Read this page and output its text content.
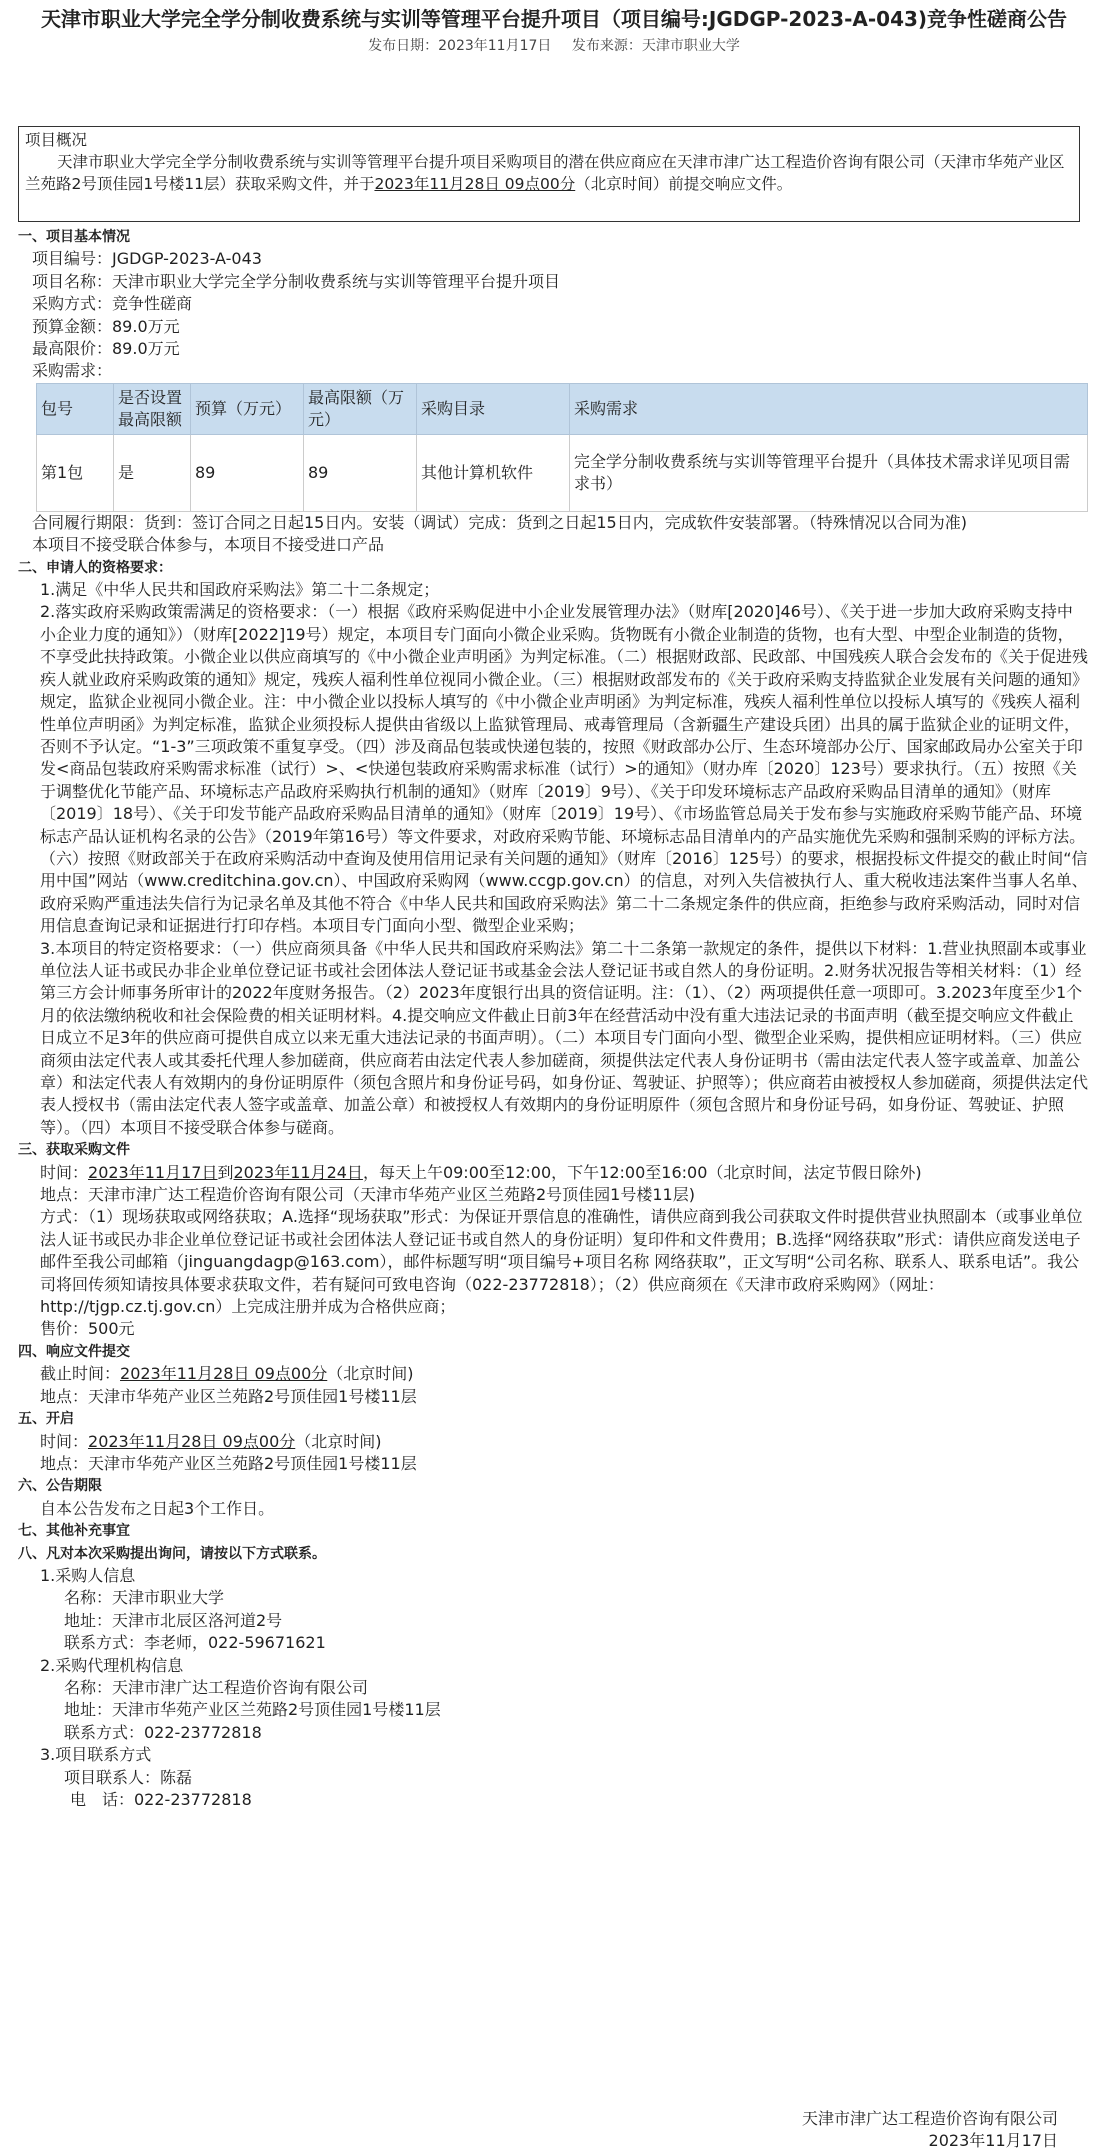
天津市职业大学完全学分制收费系统与实训等管理平台提升项目（项目编号:JGDGP-2023-A-043)竞争性磋商公告
发布日期：2023年11月17日 发布来源：天津市职业大学
项目概况
天津市职业大学完全学分制收费系统与实训等管理平台提升项目采购项目的潜在供应商应在天津市津广达工程造价咨询有限公司（天津市华苑产业区兰苑路2号顶佳园1号楼11层）获取采购文件，并于2023年11月28日 09点00分（北京时间）前提交响应文件。
一、项目基本情况
项目编号：JGDGP-2023-A-043
项目名称：天津市职业大学完全学分制收费系统与实训等管理平台提升项目
采购方式：竞争性磋商
预算金额：89.0万元
最高限价：89.0万元
采购需求：
包号	是否设置最高限额	预算（万元）	最高限额（万元）	采购目录	采购需求
第1包	是	89	89	其他计算机软件	完全学分制收费系统与实训等管理平台提升（具体技术需求详见项目需求书）
合同履行期限：货到：签订合同之日起15日内。安装（调试）完成：货到之日起15日内，完成软件安装部署。（特殊情况以合同为准)
本项目不接受联合体参与，本项目不接受进口产品
二、申请人的资格要求：
1.满足《中华人民共和国政府采购法》第二十二条规定；
2.落实政府采购政策需满足的资格要求：（一）根据《政府采购促进中小企业发展管理办法》（财库[2020]46号）、《关于进一步加大政府采购支持中小企业力度的通知》）（财库[2022]19号）规定，本项目专门面向小微企业采购。货物既有小微企业制造的货物，也有大型、中型企业制造的货物，不享受此扶持政策。小微企业以供应商填写的《中小微企业声明函》为判定标准。（二）根据财政部、民政部、中国残疾人联合会发布的《关于促进残疾人就业政府采购政策的通知》规定，残疾人福利性单位视同小微企业。（三）根据财政部发布的《关于政府采购支持监狱企业发展有关问题的通知》规定，监狱企业视同小微企业。注：中小微企业以投标人填写的《中小微企业声明函》为判定标准，残疾人福利性单位以投标人填写的《残疾人福利性单位声明函》为判定标准，监狱企业须投标人提供由省级以上监狱管理局、戒毒管理局（含新疆生产建设兵团）出具的属于监狱企业的证明文件，否则不予认定。“1-3”三项政策不重复享受。（四）涉及商品包装或快递包装的，按照《财政部办公厅、生态环境部办公厅、国家邮政局办公室关于印发<商品包装政府采购需求标准（试行）>、<快递包装政府采购需求标准（试行）>的通知》（财办库〔2020〕123号）要求执行。（五）按照《关于调整优化节能产品、环境标志产品政府采购执行机制的通知》（财库〔2019〕9号）、《关于印发环境标志产品政府采购品目清单的通知》（财库〔2019〕18号）、《关于印发节能产品政府采购品目清单的通知》（财库〔2019〕19号）、《市场监管总局关于发布参与实施政府采购节能产品、环境标志产品认证机构名录的公告》（2019年第16号）等文件要求，对政府采购节能、环境标志品目清单内的产品实施优先采购和强制采购的评标方法。（六）按照《财政部关于在政府采购活动中查询及使用信用记录有关问题的通知》（财库〔2016〕125号）的要求，根据投标文件提交的截止时间“信用中国”网站（www.creditchina.gov.cn）、中国政府采购网（www.ccgp.gov.cn）的信息，对列入失信被执行人、重大税收违法案件当事人名单、政府采购严重违法失信行为记录名单及其他不符合《中华人民共和国政府采购法》第二十二条规定条件的供应商，拒绝参与政府采购活动，同时对信用信息查询记录和证据进行打印存档。本项目专门面向小型、微型企业采购；
3.本项目的特定资格要求：（一）供应商须具备《中华人民共和国政府采购法》第二十二条第一款规定的条件，提供以下材料：1.营业执照副本或事业单位法人证书或民办非企业单位登记证书或社会团体法人登记证书或基金会法人登记证书或自然人的身份证明。2.财务状况报告等相关材料：（1）经第三方会计师事务所审计的2022年度财务报告。（2）2023年度银行出具的资信证明。注：（1）、（2）两项提供任意一项即可。3.2023年度至少1个月的依法缴纳税收和社会保险费的相关证明材料。4.提交响应文件截止日前3年在经营活动中没有重大违法记录的书面声明（截至提交响应文件截止日成立不足3年的供应商可提供自成立以来无重大违法记录的书面声明）。（二）本项目专门面向小型、微型企业采购，提供相应证明材料。（三）供应商须由法定代表人或其委托代理人参加磋商，供应商若由法定代表人参加磋商，须提供法定代表人身份证明书（需由法定代表人签字或盖章、加盖公章）和法定代表人有效期内的身份证明原件（须包含照片和身份证号码，如身份证、驾驶证、护照等）；供应商若由被授权人参加磋商，须提供法定代表人授权书（需由法定代表人签字或盖章、加盖公章）和被授权人有效期内的身份证明原件（须包含照片和身份证号码，如身份证、驾驶证、护照等）。（四）本项目不接受联合体参与磋商。
三、获取采购文件
时间：2023年11月17日到2023年11月24日，每天上午09:00至12:00，下午12:00至16:00（北京时间，法定节假日除外)
地点：天津市津广达工程造价咨询有限公司（天津市华苑产业区兰苑路2号顶佳园1号楼11层)
方式：（1）现场获取或网络获取；A.选择“现场获取”形式：为保证开票信息的准确性，请供应商到我公司获取文件时提供营业执照副本（或事业单位法人证书或民办非企业单位登记证书或社会团体法人登记证书或自然人的身份证明）复印件和文件费用；B.选择“网络获取”形式：请供应商发送电子邮件至我公司邮箱（jinguangdagp@163.com），邮件标题写明“项目编号+项目名称 网络获取”，正文写明“公司名称、联系人、联系电话”。我公司将回传须知请按具体要求获取文件，若有疑问可致电咨询（022-23772818）；（2）供应商须在《天津市政府采购网》（网址：http://tjgp.cz.tj.gov.cn）上完成注册并成为合格供应商；
售价：500元
四、响应文件提交
截止时间：2023年11月28日 09点00分（北京时间)
地点：天津市华苑产业区兰苑路2号顶佳园1号楼11层
五、开启
时间：2023年11月28日 09点00分（北京时间)
地点：天津市华苑产业区兰苑路2号顶佳园1号楼11层
六、公告期限
自本公告发布之日起3个工作日。
七、其他补充事宜
八、凡对本次采购提出询问，请按以下方式联系。
1.采购人信息
名称：天津市职业大学
地址：天津市北辰区洛河道2号
联系方式：李老师，022-59671621
2.采购代理机构信息
名称：天津市津广达工程造价咨询有限公司
地址：天津市华苑产业区兰苑路2号顶佳园1号楼11层
联系方式：022-23772818
3.项目联系方式
项目联系人：陈磊
电　话：022-23772818
天津市津广达工程造价咨询有限公司
2023年11月17日
